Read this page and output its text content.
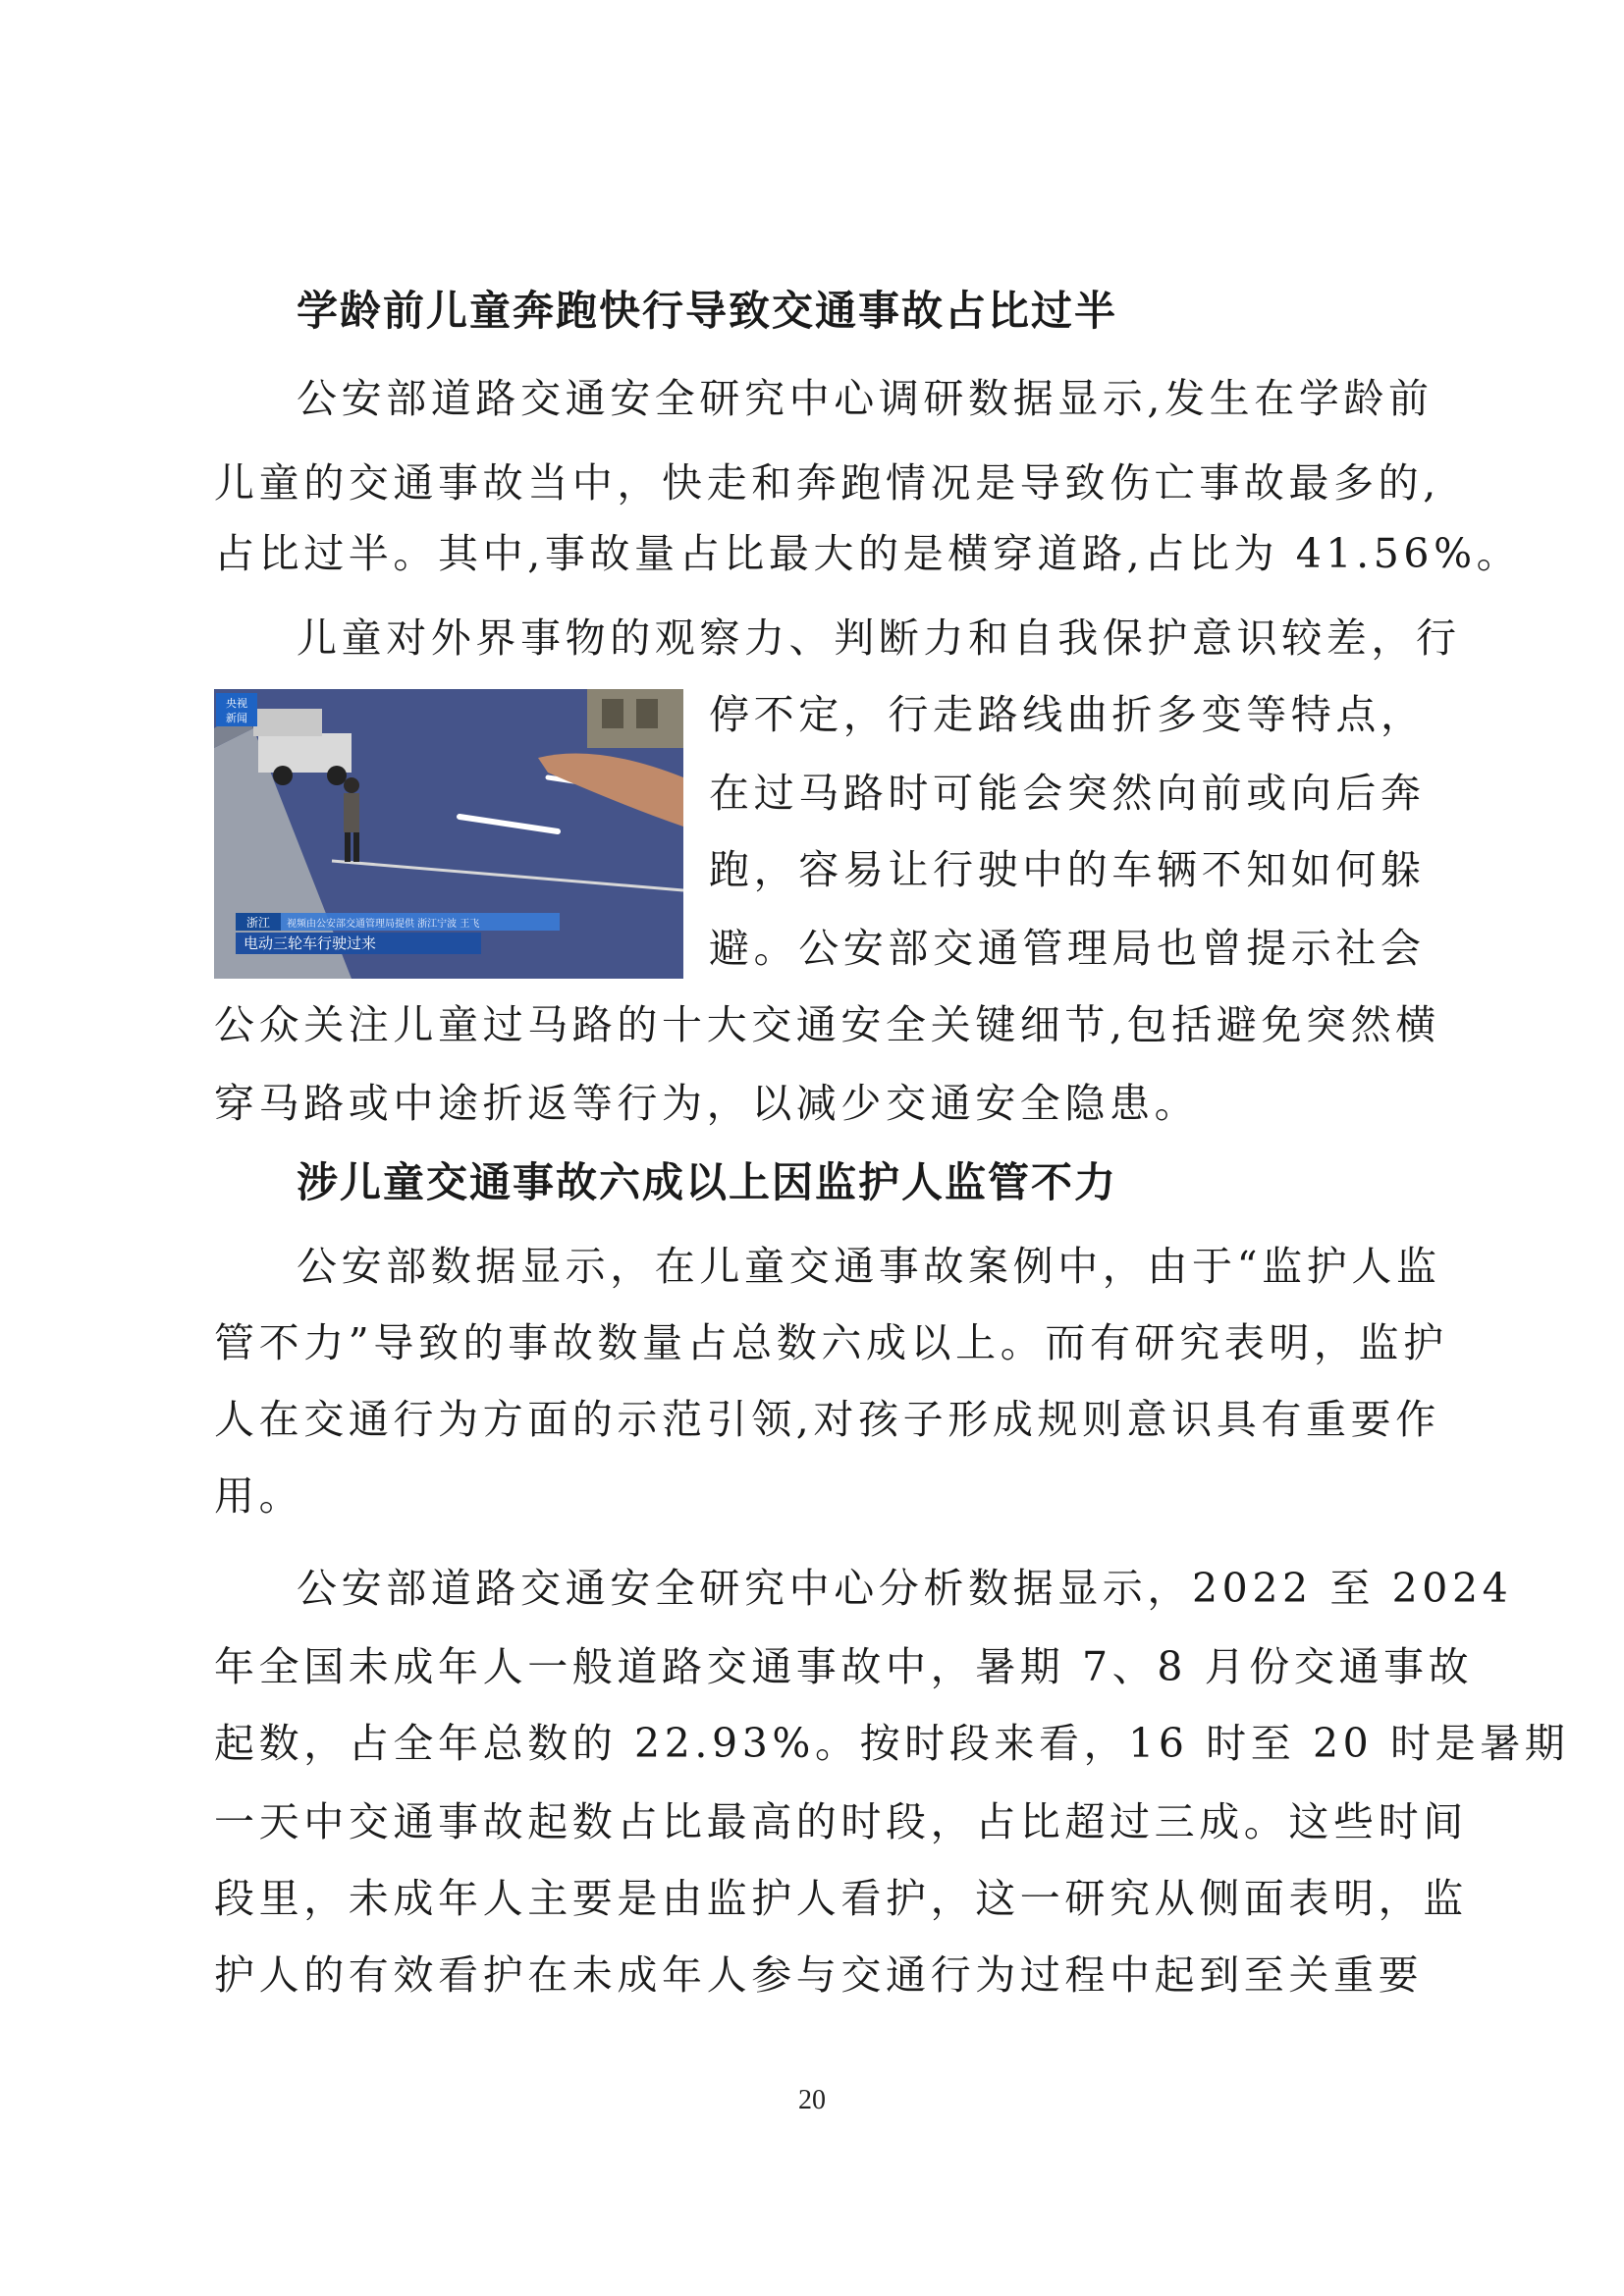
学龄前儿童奔跑快行导致交通事故占比过半
公安部道路交通安全研究中心调研数据显示,发生在学龄前
儿童的交通事故当中，快走和奔跑情况是导致伤亡事故最多的,
占比过半。其中,事故量占比最大的是横穿道路,占比为 41.56%。
儿童对外界事物的观察力、判断力和自我保护意识较差，行
停不定，行走路线曲折多变等特点，
在过马路时可能会突然向前或向后奔
跑，容易让行驶中的车辆不知如何躲
避。公安部交通管理局也曾提示社会
公众关注儿童过马路的十大交通安全关键细节,包括避免突然横
穿马路或中途折返等行为，以减少交通安全隐患。
央视
新闻
浙江 视频由公安部交通管理局提供 浙江宁波 王飞
电动三轮车行驶过来
涉儿童交通事故六成以上因监护人监管不力
公安部数据显示，在儿童交通事故案例中，由于“监护人监
管不力”导致的事故数量占总数六成以上。而有研究表明，监护
人在交通行为方面的示范引领,对孩子形成规则意识具有重要作
用。
公安部道路交通安全研究中心分析数据显示，2022 至 2024
年全国未成年人一般道路交通事故中，暑期 7、8 月份交通事故
起数，占全年总数的 22.93%。按时段来看，16 时至 20 时是暑期
一天中交通事故起数占比最高的时段，占比超过三成。这些时间
段里，未成年人主要是由监护人看护，这一研究从侧面表明，监
护人的有效看护在未成年人参与交通行为过程中起到至关重要
20
